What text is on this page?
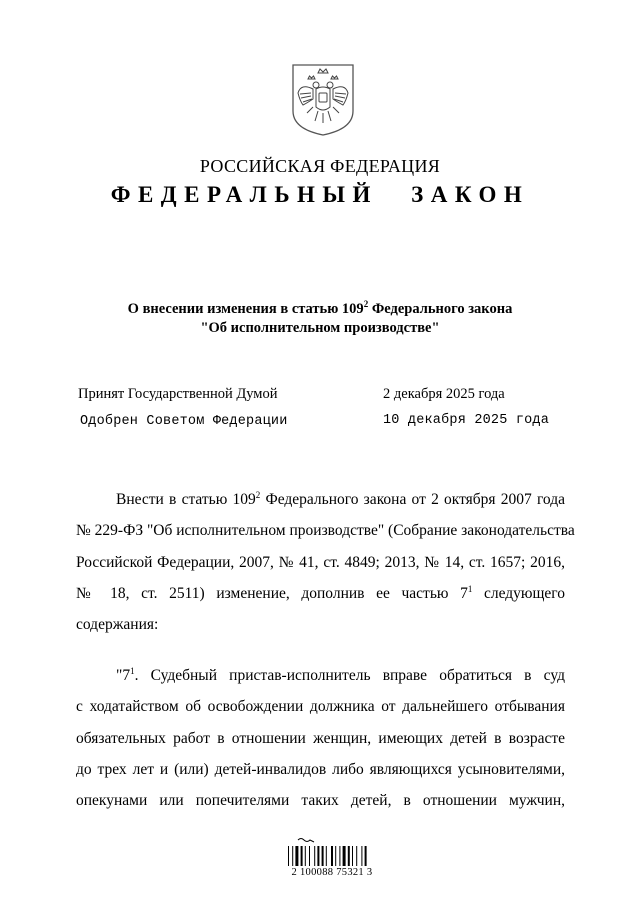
РОССИЙСКАЯ ФЕДЕРАЦИЯ
ФЕДЕРАЛЬНЫЙ ЗАКОН
О внесении изменения в статью $109^2$ Федерального закона
"Об исполнительном производстве"
Принят Государственной Думой	2 декабря 2025 года
Одобрен Советом Федерации	10 декабря 2025 года
Внести в статью $109^2$ Федерального закона от 2 октября 2007 года
№ 229-ФЗ "Об исполнительном производстве" (Собрание законодательства
Российской Федерации, 2007, № 41, ст. 4849; 2013, № 14, ст. 1657; 2016,
№ 18, ст. 2511) изменение, дополнив ее частью $7^1$ следующего
содержания:
"$7^1$. Судебный пристав-исполнитель вправе обратиться в суд
с ходатайством об освобождении должника от дальнейшего отбывания
обязательных работ в отношении женщин, имеющих детей в возрасте
до трех лет и (или) детей-инвалидов либо являющихся усыновителями,
опекунами или попечителями таких детей, в отношении мужчин,
2 100088 75321 3
